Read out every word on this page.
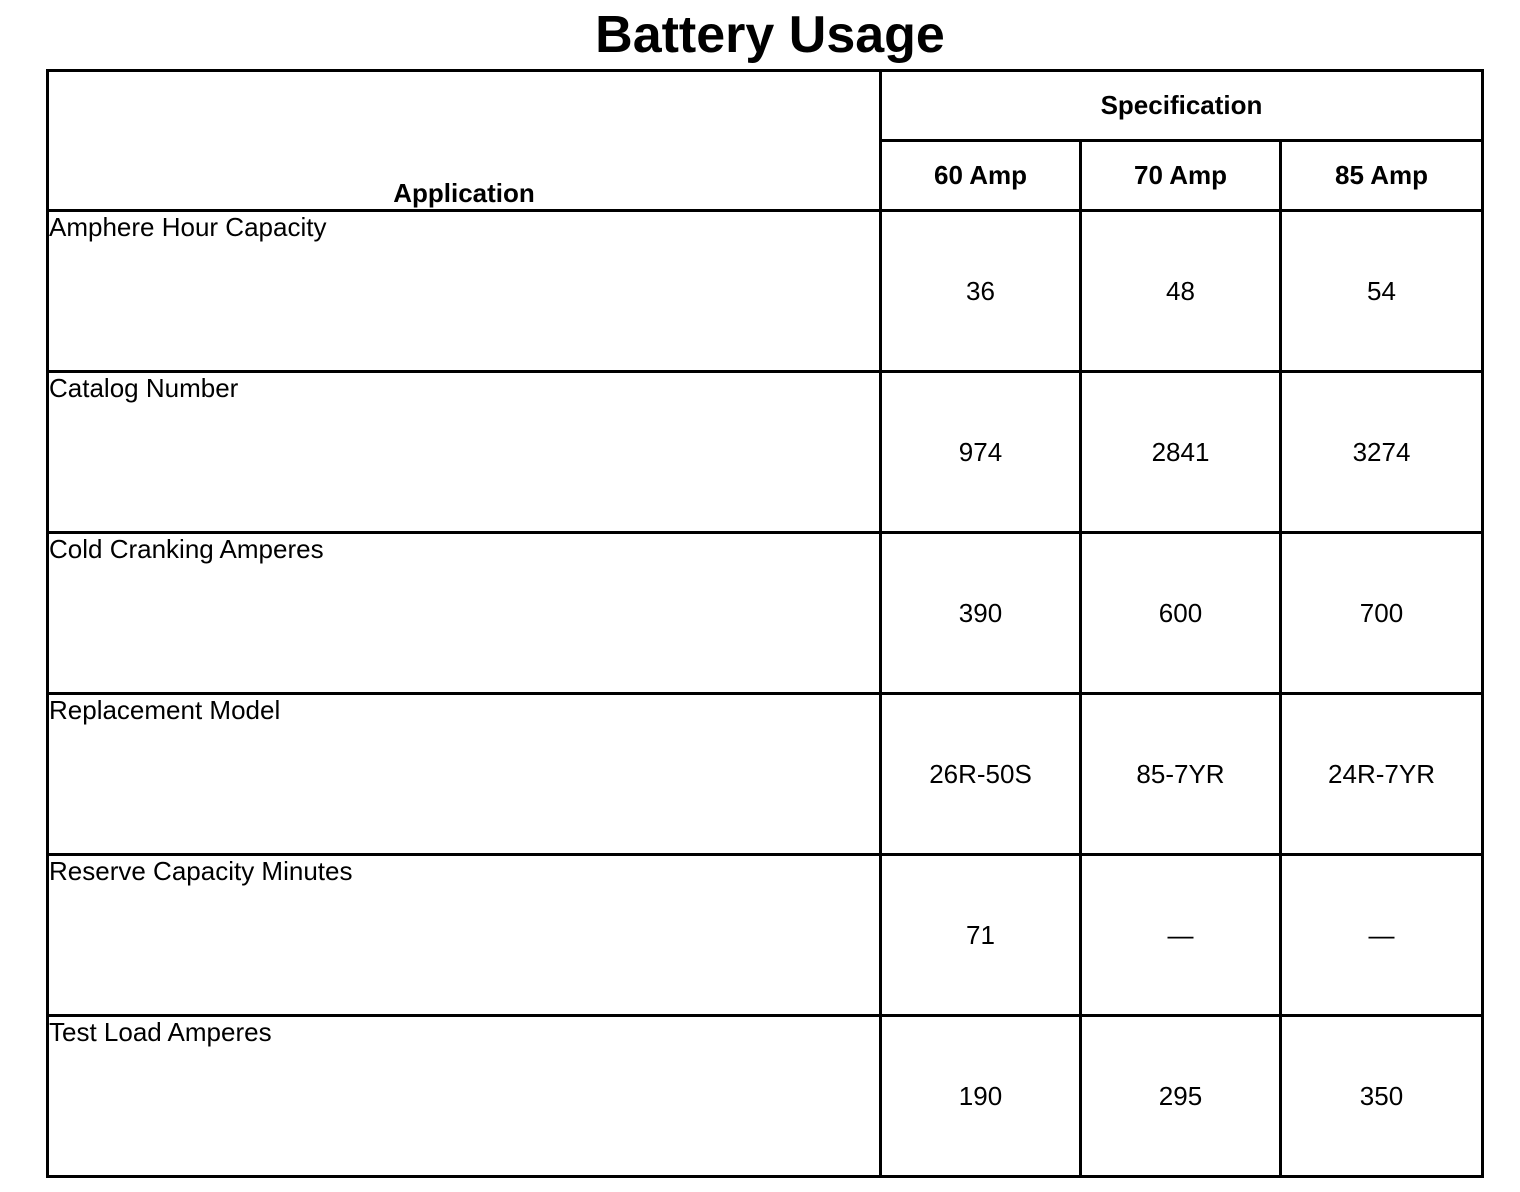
Battery Usage
Application	Specification		
	60 Amp	70 Amp	85 Amp
Amphere Hour Capacity	36	48	54
Catalog Number	974	2841	3274
Cold Cranking Amperes	390	600	700
Replacement Model	26R-50S	85-7YR	24R-7YR
Reserve Capacity Minutes	71	—	—
Test Load Amperes	190	295	350
